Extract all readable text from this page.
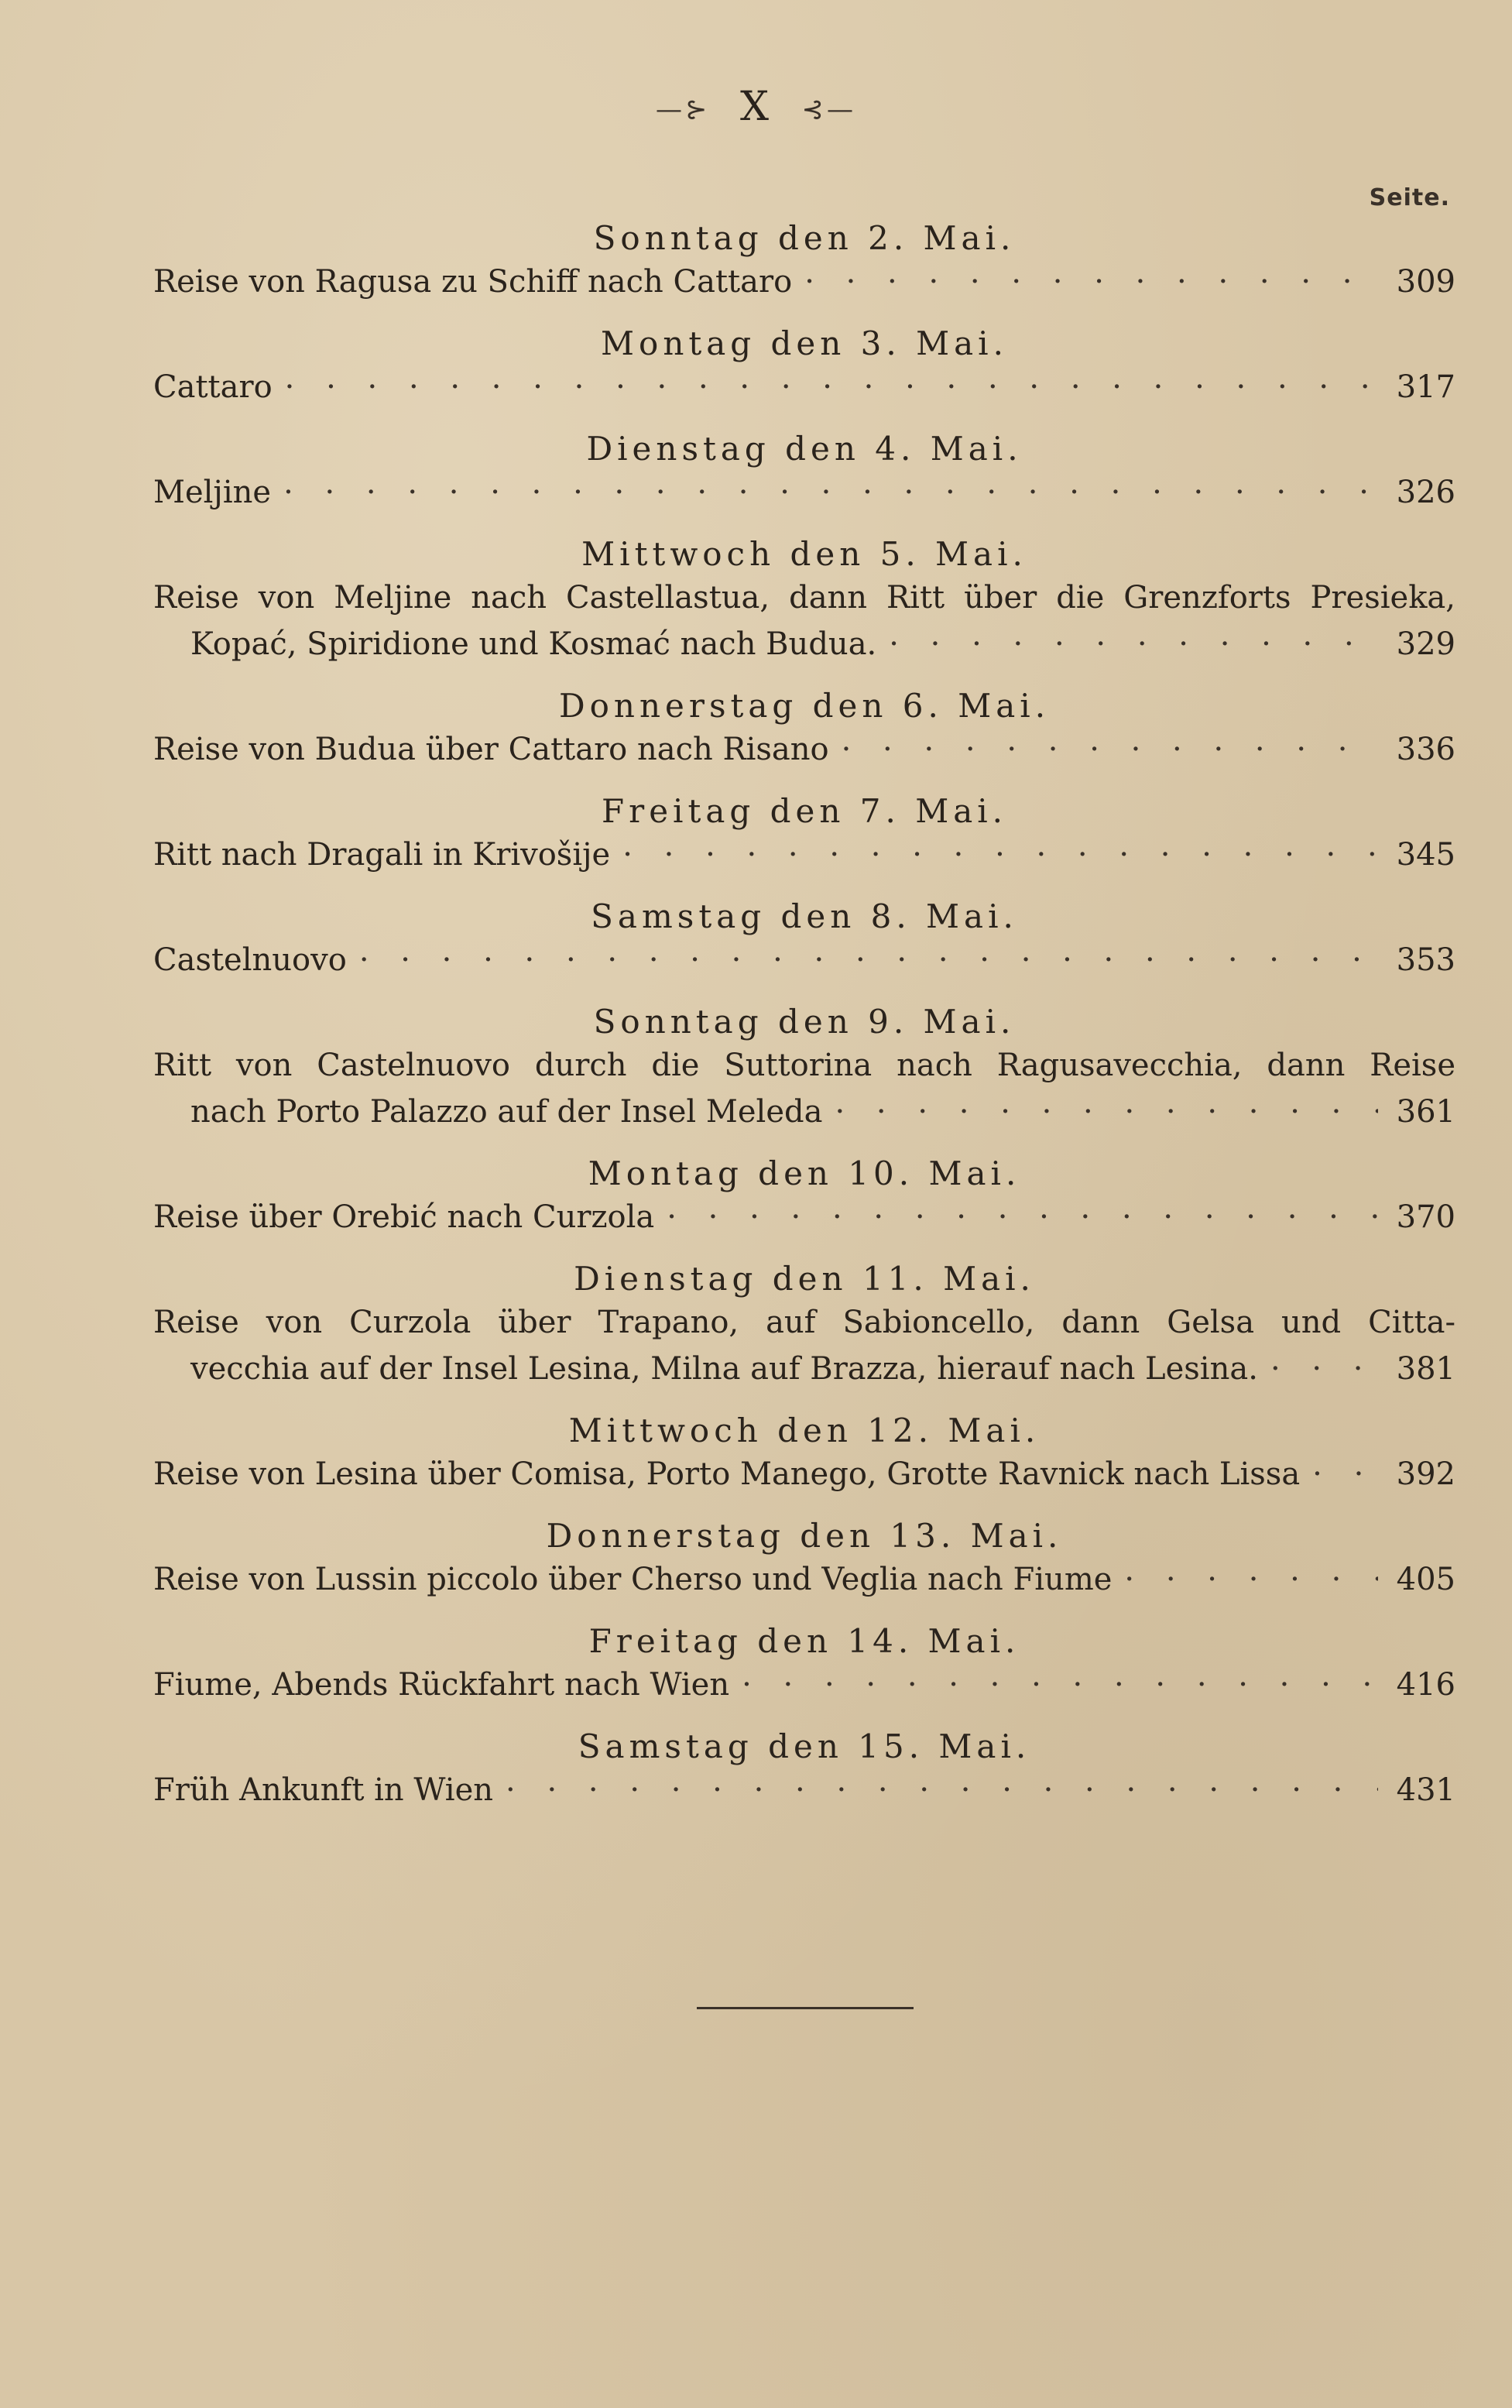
—⊱ X ⊰—
Seite.
Sonntag den 2. Mai.
Reise von Ragusa zu Schiff nach Cattaro · · ·	309
Montag den 3. Mai.
Cattaro · · ·	317
Dienstag den 4. Mai.
Meljine · · ·	326
Mittwoch den 5. Mai.
Reise von Meljine nach Castellastua, dann Ritt über die Grenzforts Presieka,
Kopać, Spiridione und Kosmać nach Budua. · · ·	329
Donnerstag den 6. Mai.
Reise von Budua über Cattaro nach Risano · · ·	336
Freitag den 7. Mai.
Ritt nach Dragali in Krivošije · · ·	345
Samstag den 8. Mai.
Castelnuovo · · ·	353
Sonntag den 9. Mai.
Ritt von Castelnuovo durch die Suttorina nach Ragusavecchia, dann Reise
nach Porto Palazzo auf der Insel Meleda · · ·	361
Montag den 10. Mai.
Reise über Orebić nach Curzola · · ·	370
Dienstag den 11. Mai.
Reise von Curzola über Trapano, auf Sabioncello, dann Gelsa und Citta-
vecchia auf der Insel Lesina, Milna auf Brazza, hierauf nach Lesina. · · ·	381
Mittwoch den 12. Mai.
Reise von Lesina über Comisa, Porto Manego, Grotte Ravnick nach Lissa · · ·	392
Donnerstag den 13. Mai.
Reise von Lussin piccolo über Cherso und Veglia nach Fiume · · ·	405
Freitag den 14. Mai.
Fiume, Abends Rückfahrt nach Wien · · ·	416
Samstag den 15. Mai.
Früh Ankunft in Wien · · ·	431
